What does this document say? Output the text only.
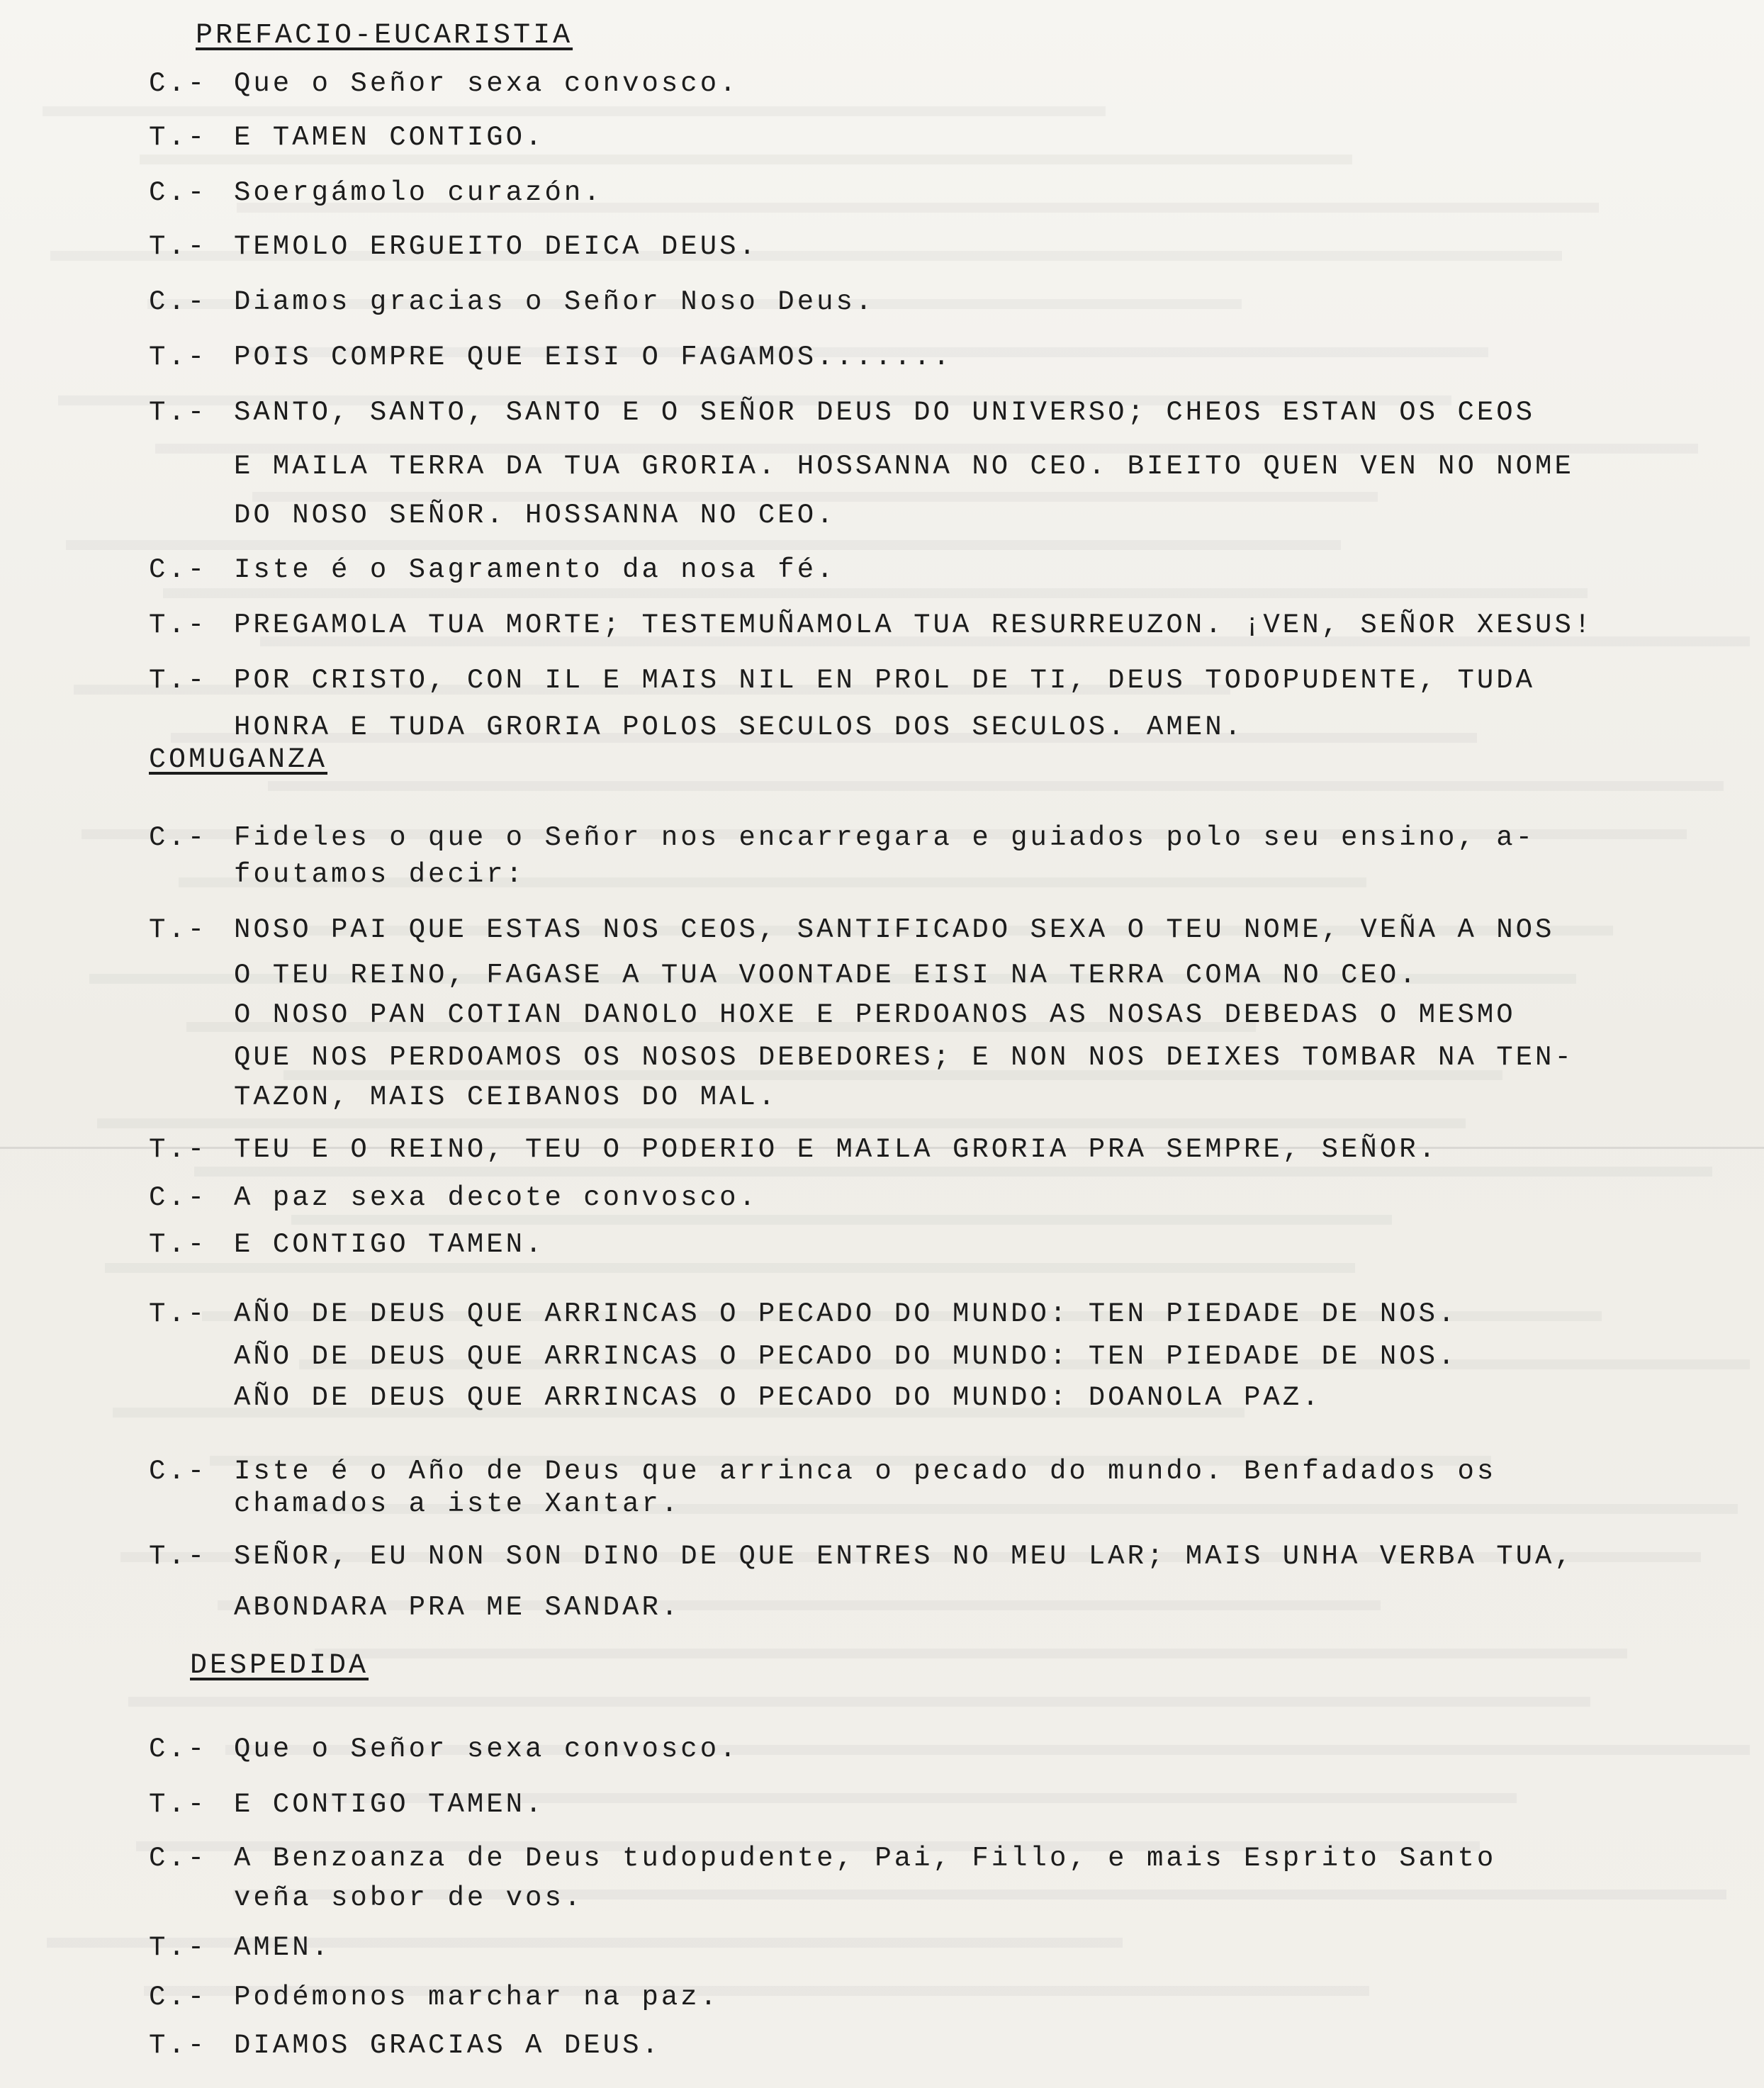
PREFACIO-EUCARISTIA
C.- Que o Señor sexa convosco.
T.- E TAMEN CONTIGO.
C.- Soergámolo curazón.
T.- TEMOLO ERGUEITO DEICA DEUS.
C.- Diamos gracias o Señor Noso Deus.
T.- POIS COMPRE QUE EISI O FAGAMOS.......
T.- SANTO, SANTO, SANTO E O SEÑOR DEUS DO UNIVERSO; CHEOS ESTAN OS CEOS
E MAILA TERRA DA TUA GRORIA. HOSSANNA NO CEO. BIEITO QUEN VEN NO NOME
DO NOSO SEÑOR. HOSSANNA NO CEO.
C.- Iste é o Sagramento da nosa fé.
T.- PREGAMOLA TUA MORTE; TESTEMUÑAMOLA TUA RESURREUZON. ¡VEN, SEÑOR XESUS!
T.- POR CRISTO, CON IL E MAIS NIL EN PROL DE TI, DEUS TODOPUDENTE, TUDA
HONRA E TUDA GRORIA POLOS SECULOS DOS SECULOS. AMEN.
COMUGANZA
C.- Fideles o que o Señor nos encarregara e guiados polo seu ensino, a-
foutamos decir:
T.- NOSO PAI QUE ESTAS NOS CEOS, SANTIFICADO SEXA O TEU NOME, VEÑA A NOS
O TEU REINO, FAGASE A TUA VOONTADE EISI NA TERRA COMA NO CEO.
O NOSO PAN COTIAN DANOLO HOXE E PERDOANOS AS NOSAS DEBEDAS O MESMO
QUE NOS PERDOAMOS OS NOSOS DEBEDORES; E NON NOS DEIXES TOMBAR NA TEN-
TAZON, MAIS CEIBANOS DO MAL.
T.- TEU E O REINO, TEU O PODERIO E MAILA GRORIA PRA SEMPRE, SEÑOR.
C.- A paz sexa decote convosco.
T.- E CONTIGO TAMEN.
T.- AÑO DE DEUS QUE ARRINCAS O PECADO DO MUNDO: TEN PIEDADE DE NOS.
AÑO DE DEUS QUE ARRINCAS O PECADO DO MUNDO: TEN PIEDADE DE NOS.
AÑO DE DEUS QUE ARRINCAS O PECADO DO MUNDO: DOANOLA PAZ.
C.- Iste é o Año de Deus que arrinca o pecado do mundo. Benfadados os
chamados a iste Xantar.
T.- SEÑOR, EU NON SON DINO DE QUE ENTRES NO MEU LAR; MAIS UNHA VERBA TUA,
ABONDARA PRA ME SANDAR.
DESPEDIDA
C.- Que o Señor sexa convosco.
T.- E CONTIGO TAMEN.
C.- A Benzoanza de Deus tudopudente, Pai, Fillo, e mais Esprito Santo
veña sobor de vos.
T.- AMEN.
C.- Podémonos marchar na paz.
T.- DIAMOS GRACIAS A DEUS.
